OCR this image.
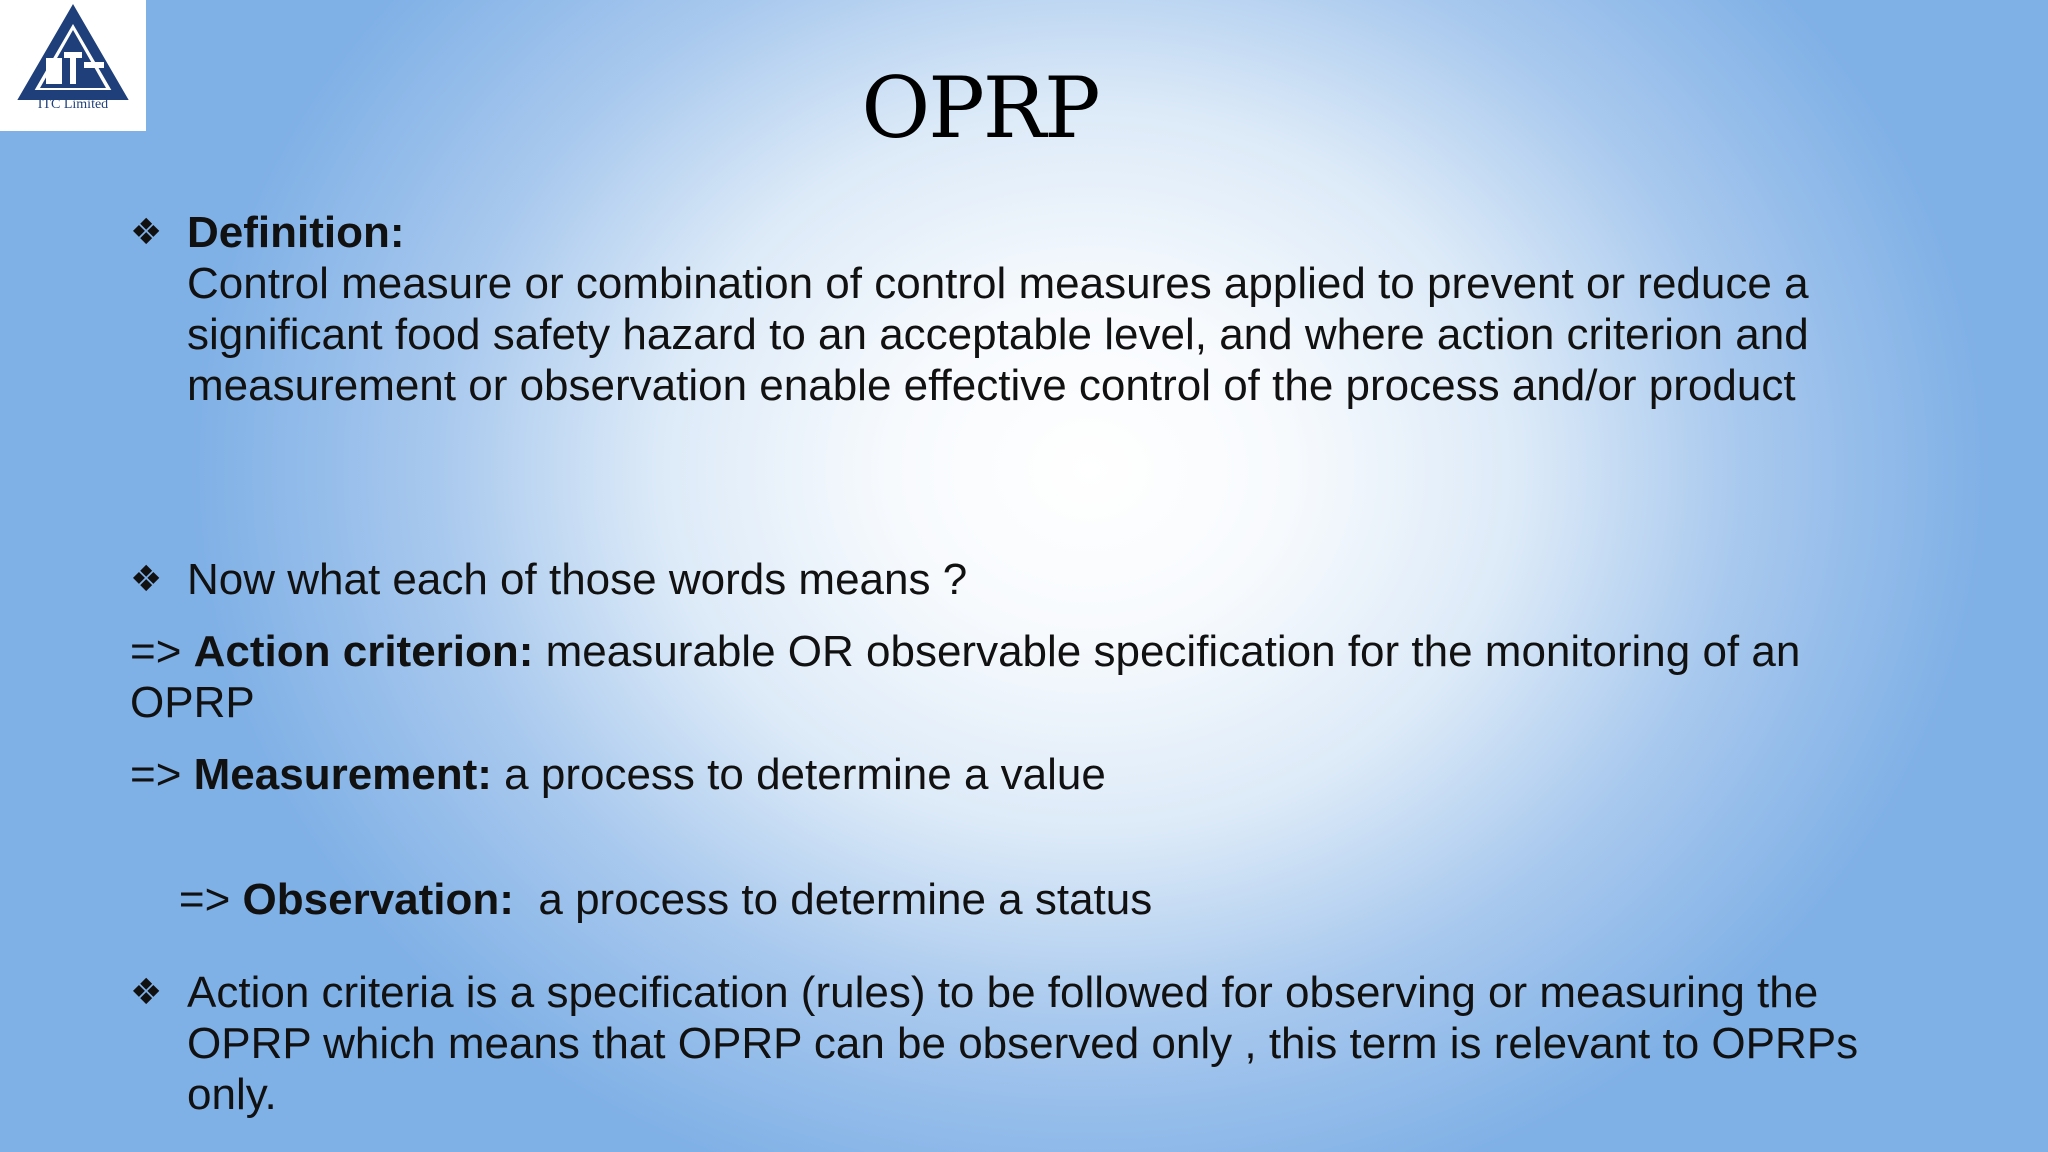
ITC Limited	OPRP
❖ Definition:
Control measure or combination of control measures applied to prevent or reduce a significant food safety hazard to an acceptable level, and where action criterion and measurement or observation enable effective control of the process and/or product
❖ Now what each of those words means ?
=> Action criterion: measurable OR observable specification for the monitoring of an OPRP
=> Measurement: a process to determine a value

=> Observation:  a process to determine a status

❖ Action criteria is a specification (rules) to be followed for observing or measuring the OPRP which means that OPRP can be observed only , this term is relevant to OPRPs only.
